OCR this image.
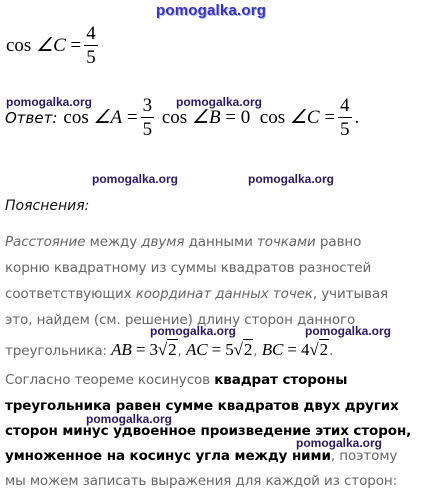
pomogalka.org
pomogalka.org	pomogalka.org
pomogalka.org	pomogalka.org
pomogalka.org	pomogalka.org
pomogalka.org
pomogalka.org
cos
∠C
= $\frac{4}{5}$
Ответ: cos
∠A
= $\frac{3}{5}$
cos
∠B
=
0
cos
∠C
= $\frac{4}{5}$ .
Пояснения:
Расстояние между двумя данными точками равно
корню квадратному из суммы квадратов разностей
соответствующих координат данных точек, учитывая
это, найдем (см. решение) длину сторон данного
треугольника: AB = 3√2, AC = 5√2, BC = 4√2.
Согласно теореме косинусов квадрат стороны
треугольника равен сумме квадратов двух других
сторон минус удвоенное произведение этих сторон,
умноженное на косинус угла между ними, поэтому
мы можем записать выражения для каждой из сторон:
